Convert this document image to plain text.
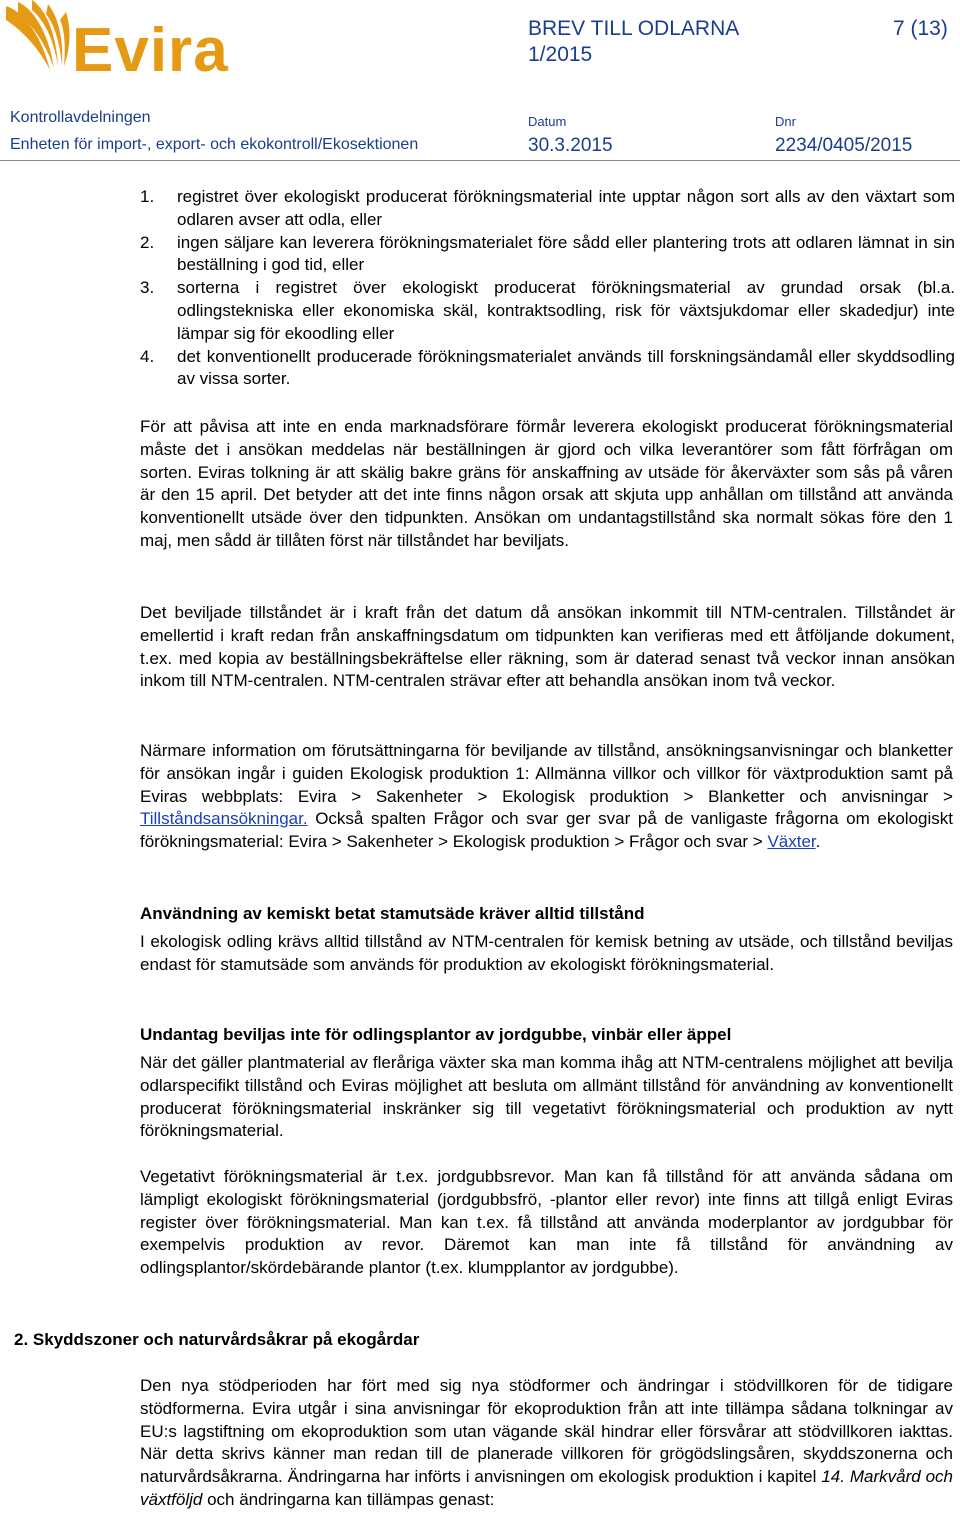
Evira	BREV TILL ODLARNA
1/2015
7 (13)
Kontrollavdelningen
Enheten för import-, export- och ekokontroll/Ekosektionen
Datum
30.3.2015
Dnr
2234/0405/2015
1. registret över ekologiskt producerat förökningsmaterial inte upptar någon sort alls av den växtart som odlaren avser att odla, eller
2. ingen säljare kan leverera förökningsmaterialet före sådd eller plantering trots att odlaren lämnat in sin beställning i god tid, eller
3. sorterna i registret över ekologiskt producerat förökningsmaterial av grundad orsak (bl.a. odlingstekniska eller ekonomiska skäl, kontraktsodling, risk för växtsjukdomar eller skadedjur) inte lämpar sig för ekoodling eller
4. det konventionellt producerade förökningsmaterialet används till forskningsändamål eller skyddsodling av vissa sorter.

För att påvisa att inte en enda marknadsförare förmår leverera ekologiskt producerat förökningsmaterial måste det i ansökan meddelas när beställningen är gjord och vilka leverantörer som fått förfrågan om sorten. Eviras tolkning är att skälig bakre gräns för anskaffning av utsäde för åkerväxter som sås på våren är den 15 april. Det betyder att det inte finns någon orsak att skjuta upp anhållan om tillstånd att använda konventionellt utsäde över den tidpunkten. Ansökan om undantagstillstånd ska normalt sökas före den 1 maj, men sådd är tillåten först när tillståndet har beviljats.

Det beviljade tillståndet är i kraft från det datum då ansökan inkommit till NTM-centralen. Tillståndet är emellertid i kraft redan från anskaffningsdatum om tidpunkten kan verifieras med ett åtföljande dokument, t.ex. med kopia av beställningsbekräftelse eller räkning, som är daterad senast två veckor innan ansökan inkom till NTM-centralen. NTM-centralen strävar efter att behandla ansökan inom två veckor.

Närmare information om förutsättningarna för beviljande av tillstånd, ansökningsanvisningar och blanketter för ansökan ingår i guiden Ekologisk produktion 1: Allmänna villkor och villkor för växtproduktion samt på Eviras webbplats: Evira > Sakenheter > Ekologisk produktion > Blanketter och anvisningar > Tillståndsansökningar. Också spalten Frågor och svar ger svar på de vanligaste frågorna om ekologiskt förökningsmaterial: Evira > Sakenheter > Ekologisk produktion > Frågor och svar > Växter.

Användning av kemiskt betat stamutsäde kräver alltid tillstånd

I ekologisk odling krävs alltid tillstånd av NTM-centralen för kemisk betning av utsäde, och tillstånd beviljas endast för stamutsäde som används för produktion av ekologiskt förökningsmaterial.

Undantag beviljas inte för odlingsplantor av jordgubbe, vinbär eller äppel

När det gäller plantmaterial av fleråriga växter ska man komma ihåg att NTM-centralens möjlighet att bevilja odlarspecifikt tillstånd och Eviras möjlighet att besluta om allmänt tillstånd för användning av konventionellt producerat förökningsmaterial inskränker sig till vegetativt förökningsmaterial och produktion av nytt förökningsmaterial.

Vegetativt förökningsmaterial är t.ex. jordgubbsrevor. Man kan få tillstånd för att använda sådana om lämpligt ekologiskt förökningsmaterial (jordgubbsfrö, -plantor eller revor) inte finns att tillgå enligt Eviras register över förökningsmaterial. Man kan t.ex. få tillstånd att använda moderplantor av jordgubbar för exempelvis produktion av revor. Däremot kan man inte få tillstånd för användning av odlingsplantor/skördebärande plantor (t.ex. klumpplantor av jordgubbe).

2. Skyddszoner och naturvårdsåkrar på ekogårdar

Den nya stödperioden har fört med sig nya stödformer och ändringar i stödvillkoren för de tidigare stödformerna. Evira utgår i sina anvisningar för ekoproduktion från att inte tillämpa sådana tolkningar av EU:s lagstiftning om ekoproduktion som utan vägande skäl hindrar eller försvårar att stödvillkoren iakttas. När detta skrivs känner man redan till de planerade villkoren för grögödslingsåren, skyddszonerna och naturvårdsåkrarna. Ändringarna har införts i anvisningen om ekologisk produktion i kapitel 14. Markvård och växtföljd och ändringarna kan tillämpas genast:
